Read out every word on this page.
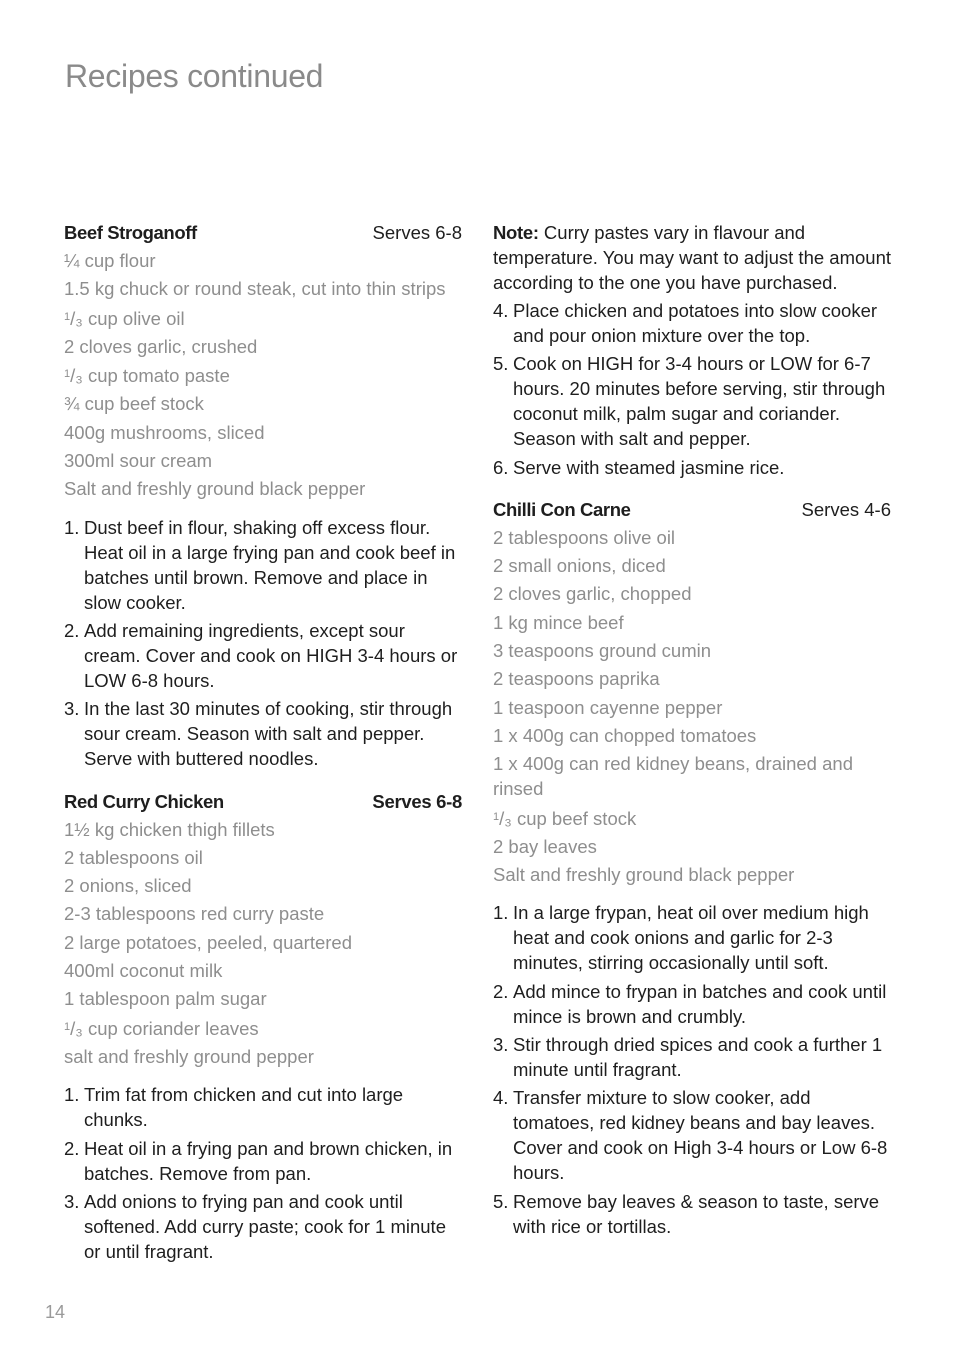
Recipes continued
Beef Stroganoff	Serves 6-8
¼ cup flour
1.5 kg chuck or round steak, cut into thin strips
$^1$/₃ cup olive oil
2 cloves garlic, crushed
$^1$/₃ cup tomato paste
¾ cup beef stock
400g mushrooms, sliced
300ml sour cream
Salt and freshly ground black pepper
1. Dust beef in flour, shaking off excess flour. Heat oil in a large frying pan and cook beef in batches until brown. Remove and place in slow cooker.
2. Add remaining ingredients, except sour cream. Cover and cook on HIGH 3-4 hours or LOW 6-8 hours.
3. In the last 30 minutes of cooking, stir through sour cream. Season with salt and pepper. Serve with buttered noodles.
Red Curry Chicken	Serves 6-8
1½ kg chicken thigh fillets
2 tablespoons oil
2 onions, sliced
2-3 tablespoons red curry paste
2 large potatoes, peeled, quartered
400ml coconut milk
1 tablespoon palm sugar
$^1$/₃ cup coriander leaves
salt and freshly ground pepper
1. Trim fat from chicken and cut into large chunks.
2. Heat oil in a frying pan and brown chicken, in batches. Remove from pan.
3. Add onions to frying pan and cook until softened. Add curry paste; cook for 1 minute or until fragrant.
Note: Curry pastes vary in flavour and temperature. You may want to adjust the amount according to the one you have purchased.
4. Place chicken and potatoes into slow cooker and pour onion mixture over the top.
5. Cook on HIGH for 3-4 hours or LOW for 6-7 hours. 20 minutes before serving, stir through coconut milk, palm sugar and coriander. Season with salt and pepper.
6. Serve with steamed jasmine rice.
Chilli Con Carne	Serves 4-6
2 tablespoons olive oil
2 small onions, diced
2 cloves garlic, chopped
1 kg mince beef
3 teaspoons ground cumin
2 teaspoons paprika
1 teaspoon cayenne pepper
1 x 400g can chopped tomatoes
1 x 400g can red kidney beans, drained and rinsed
$^1$/₃ cup beef stock
2 bay leaves
Salt and freshly ground black pepper
1. In a large frypan, heat oil over medium high heat and cook onions and garlic for 2-3 minutes, stirring occasionally until soft.
2. Add mince to frypan in batches and cook until mince is brown and crumbly.
3. Stir through dried spices and cook a further 1 minute until fragrant.
4. Transfer mixture to slow cooker, add tomatoes, red kidney beans and bay leaves. Cover and cook on High 3-4 hours or Low 6-8 hours.
5. Remove bay leaves & season to taste, serve with rice or tortillas.
14
